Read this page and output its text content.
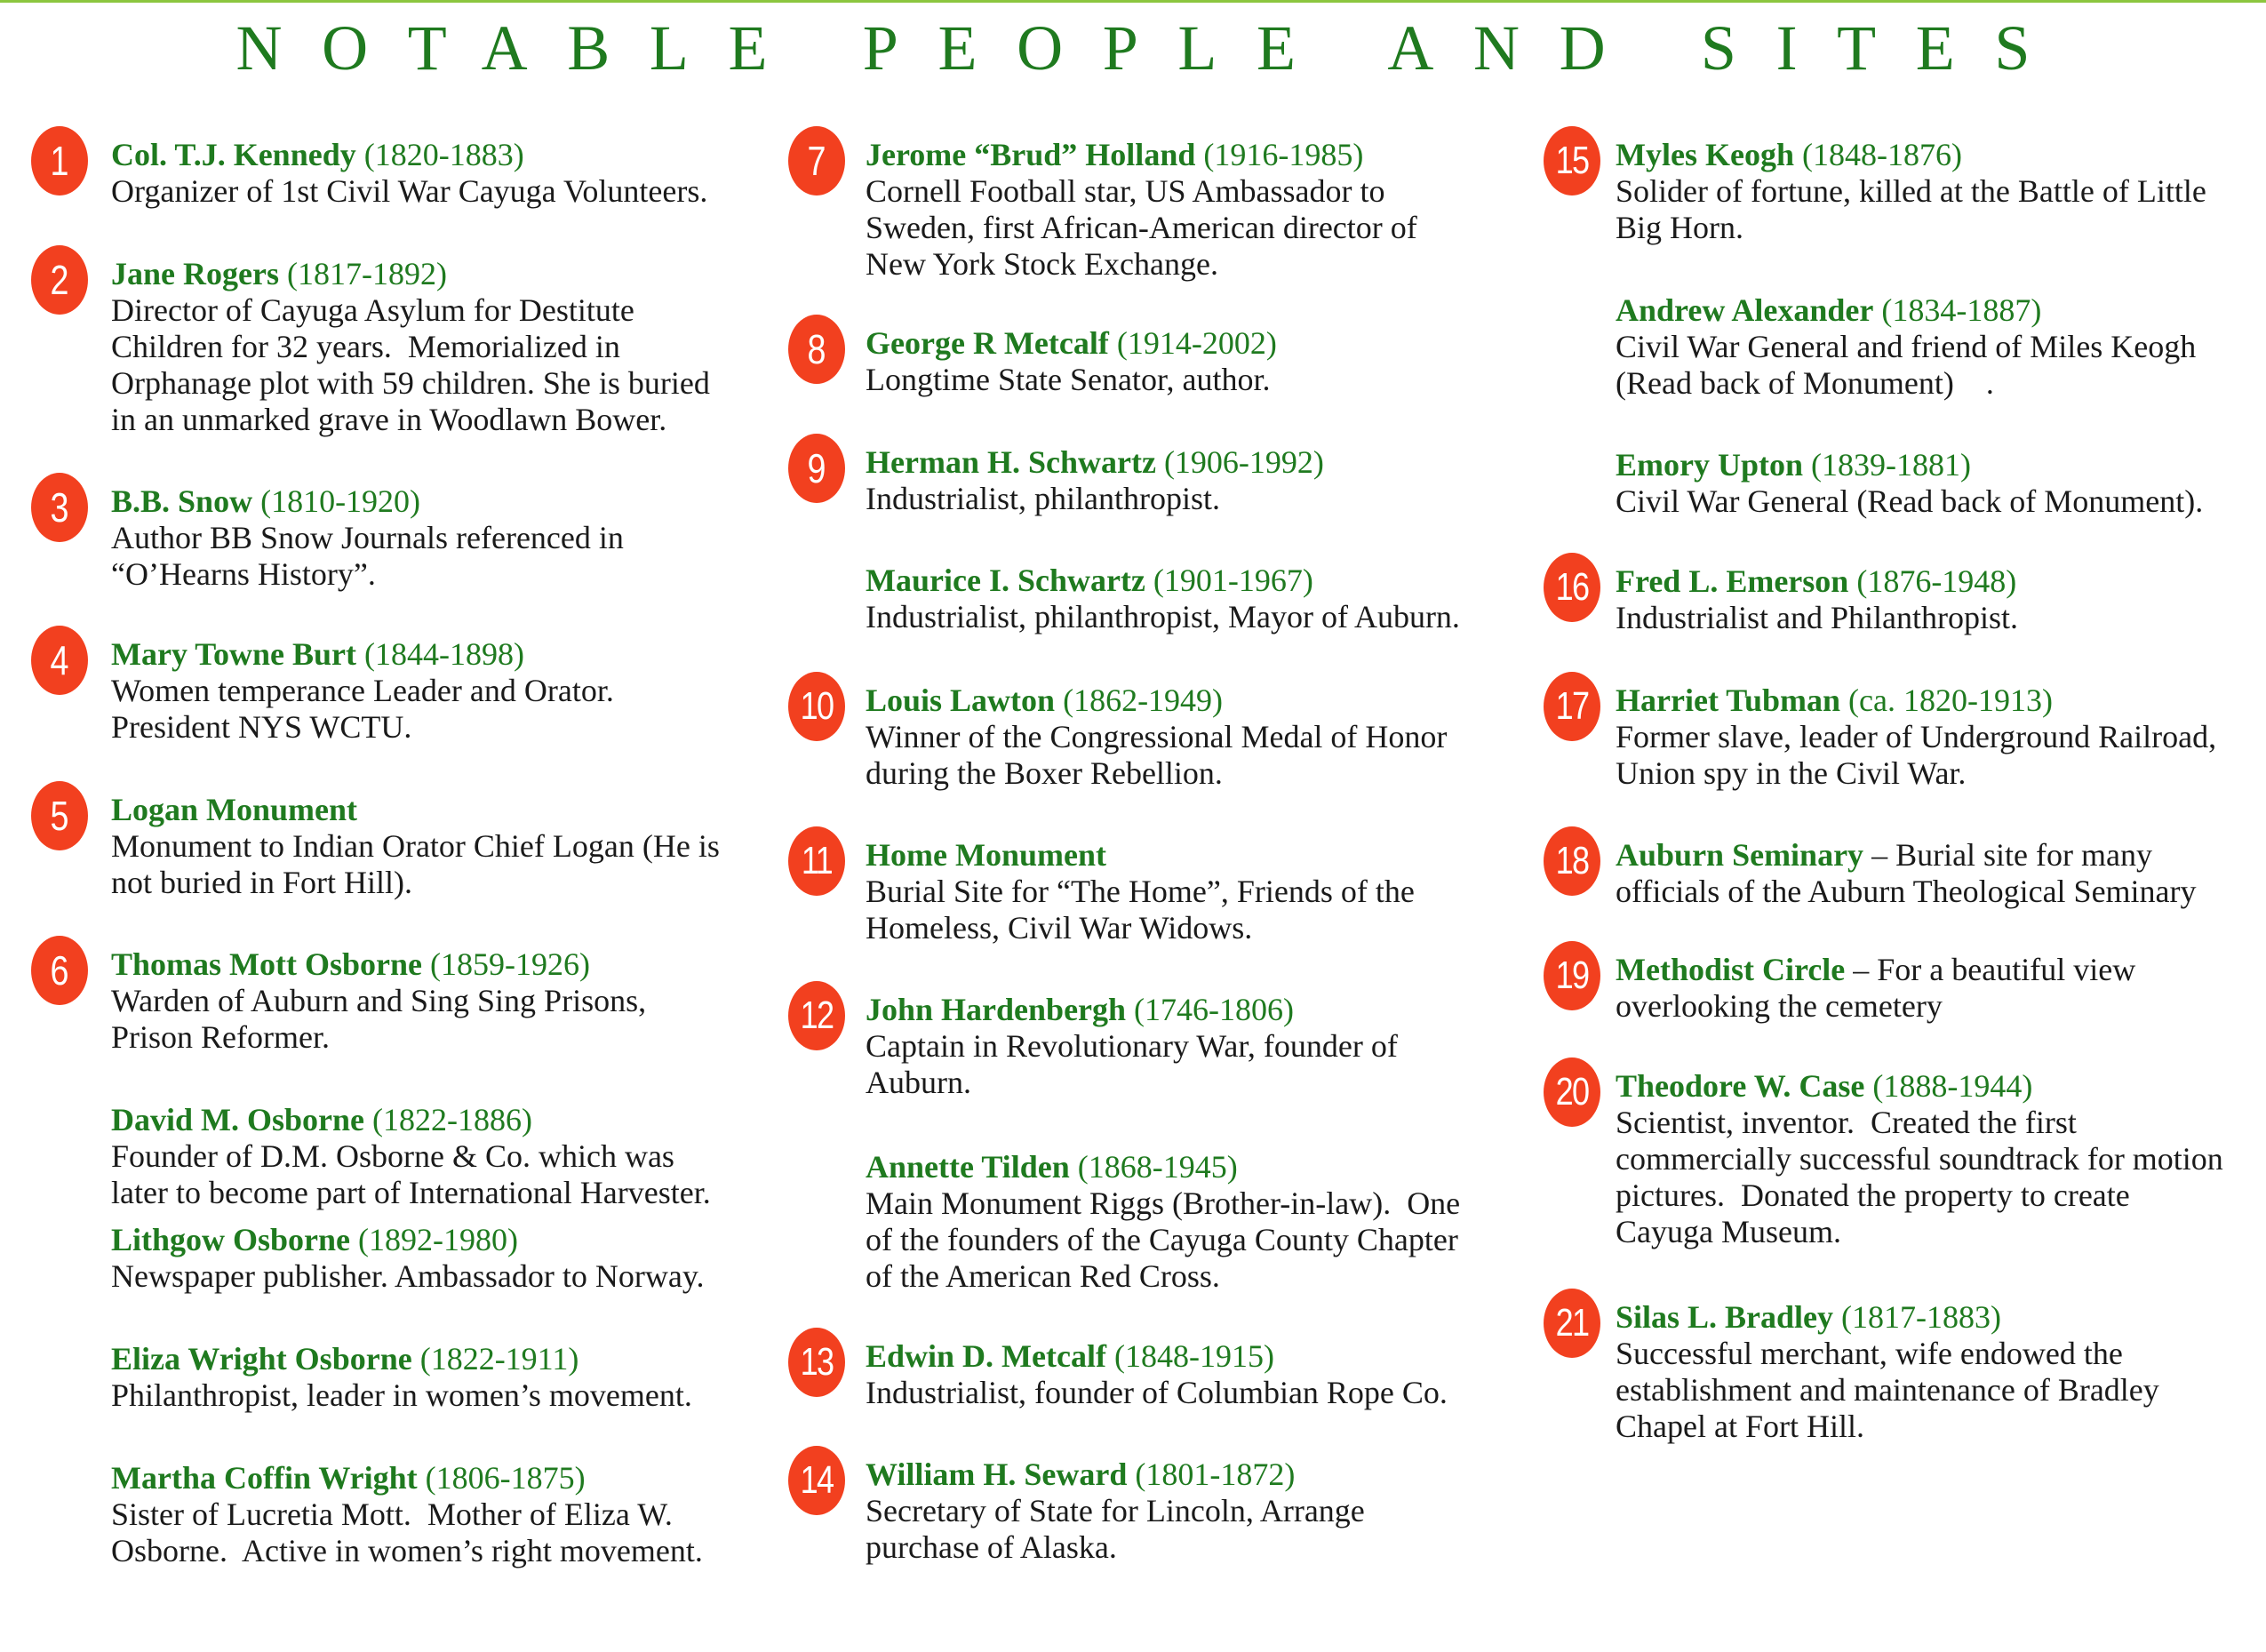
NOTABLE PEOPLE AND SITES
1	Col. T.J. Kennedy (1820-1883)
Organizer of 1st Civil War Cayuga Volunteers.
2	Jane Rogers (1817-1892)
Director of Cayuga Asylum for Destitute
Children for 32 years.  Memorialized in
Orphanage plot with 59 children. She is buried
in an unmarked grave in Woodlawn Bower.
3	B.B. Snow (1810-1920)
Author BB Snow Journals referenced in
“O’Hearns History”.
4	Mary Towne Burt (1844-1898)
Women temperance Leader and Orator.
President NYS WCTU.
5	Logan Monument
Monument to Indian Orator Chief Logan (He is
not buried in Fort Hill).
6	Thomas Mott Osborne (1859-1926)
Warden of Auburn and Sing Sing Prisons,
Prison Reformer.
David M. Osborne (1822-1886)
Founder of D.M. Osborne & Co. which was
later to become part of International Harvester.
Lithgow Osborne (1892-1980)
Newspaper publisher. Ambassador to Norway.
Eliza Wright Osborne (1822-1911)
Philanthropist, leader in women’s movement.
Martha Coffin Wright (1806-1875)
Sister of Lucretia Mott.  Mother of Eliza W.
Osborne.  Active in women’s right movement.
7	Jerome “Brud” Holland (1916-1985)
Cornell Football star, US Ambassador to
Sweden, first African-American director of
New York Stock Exchange.
8	George R Metcalf (1914-2002)
Longtime State Senator, author.
9	Herman H. Schwartz (1906-1992)
Industrialist, philanthropist.
Maurice I. Schwartz (1901-1967)
Industrialist, philanthropist, Mayor of Auburn.
10	Louis Lawton (1862-1949)
Winner of the Congressional Medal of Honor
during the Boxer Rebellion.
11	Home Monument
Burial Site for “The Home”, Friends of the
Homeless, Civil War Widows.
12	John Hardenbergh (1746-1806)
Captain in Revolutionary War, founder of
Auburn.
Annette Tilden (1868-1945)
Main Monument Riggs (Brother-in-law).  One
of the founders of the Cayuga County Chapter
of the American Red Cross.
13	Edwin D. Metcalf (1848-1915)
Industrialist, founder of Columbian Rope Co.
14	William H. Seward (1801-1872)
Secretary of State for Lincoln, Arrange
purchase of Alaska.
15 Myles Keogh (1848-1876)
Solider of fortune, killed at the Battle of Little
Big Horn.
Andrew Alexander (1834-1887)
Civil War General and friend of Miles Keogh
(Read back of Monument)    .
Emory Upton (1839-1881)
Civil War General (Read back of Monument).
16 Fred L. Emerson (1876-1948)
Industrialist and Philanthropist.
17 Harriet Tubman (ca. 1820-1913)
Former slave, leader of Underground Railroad,
Union spy in the Civil War.
18 Auburn Seminary – Burial site for many
officials of the Auburn Theological Seminary
19 Methodist Circle – For a beautiful view
overlooking the cemetery
20 Theodore W. Case (1888-1944)
Scientist, inventor.  Created the first
commercially successful soundtrack for motion
pictures.  Donated the property to create
Cayuga Museum.
21 Silas L. Bradley (1817-1883)
Successful merchant, wife endowed the
establishment and maintenance of Bradley
Chapel at Fort Hill.
